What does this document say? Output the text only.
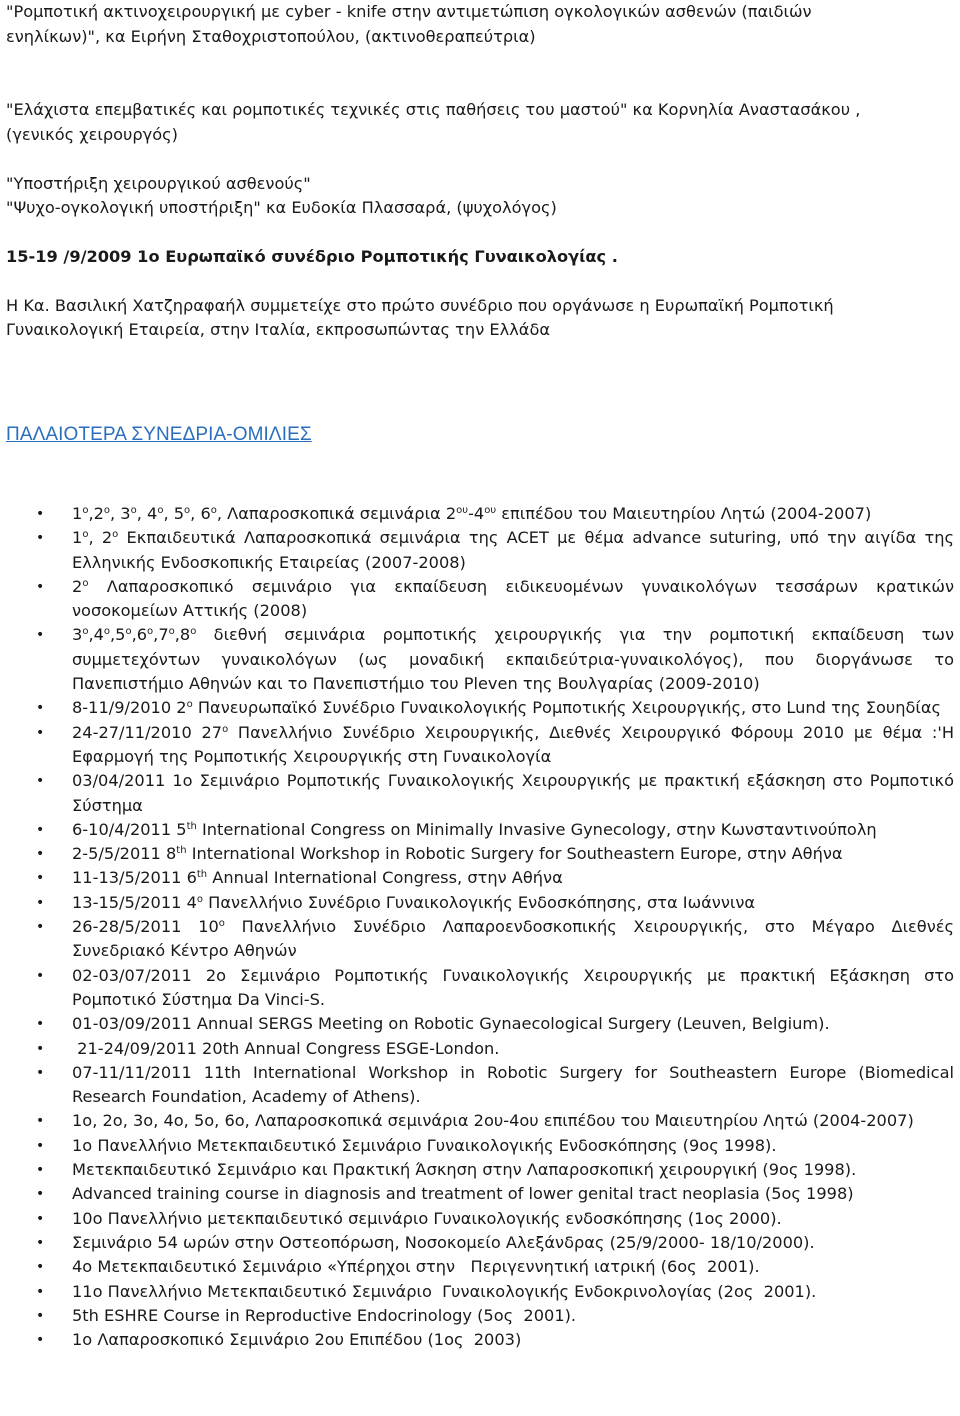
"Ρομποτική ακτινοχειρουργική με cyber - knife στην αντιμετώπιση ογκολογικών ασθενών (παιδιών

ενηλίκων)", κα Ειρήνη Σταθοχριστοπούλου, (ακτινοθεραπεύτρια)

"Ελάχιστα επεμβατικές και ρομποτικές τεχνικές στις παθήσεις του μαστού" κα Κορνηλία Αναστασάκου ,

(γενικός χειρουργός)

"Υποστήριξη χειρουργικού ασθενούς"

"Ψυχο-ογκολογική υποστήριξη" κα Ευδοκία Πλασσαρά, (ψυχολόγος)

15-19 /9/2009 1ο Ευρωπαϊκό συνέδριο Ρομποτικής Γυναικολογίας .

Η Κα. Βασιλική Χατζηραφαήλ συμμετείχε στο πρώτο συνέδριο που οργάνωσε η Ευρωπαϊκή Ρομποτική

Γυναικολογική Εταιρεία, στην Ιταλία, εκπροσωπώντας την Ελλάδα

ΠΑΛΑΙΟΤΕΡΑ ΣΥΝΕΔΡΙΑ-ΟΜΙΛΙΕΣ
• $1^o,2^o$, $3^o$, $4^o$, $5^o$, $6^o$, Λαπαροσκοπικά σεμινάρια $2^{o\upsilon}-4^{o\upsilon}$ επιπέδου του Μαιευτηρίου Λητώ (2004-2007)
• $1^o$, $2^o$ Εκπαιδευτικά Λαπαροσκοπικά σεμινάρια της ACET με θέμα advance suturing, υπό την αιγίδα της Ελληνικής Ενδοσκοπικής Εταιρείας (2007-2008)
• $2^o$ Λαπαροσκοπικό σεμινάριο για εκπαίδευση ειδικευομένων γυναικολόγων τεσσάρων κρατικών νοσοκομείων Αττικής (2008)
• $3^o,4^o,5^o,6^o,7^o,8^o$ διεθνή σεμινάρια ρομποτικής χειρουργικής για την ρομποτική εκπαίδευση των συμμετεχόντων γυναικολόγων (ως μοναδική εκπαιδεύτρια-γυναικολόγος), που διοργάνωσε το Πανεπιστήμιο Αθηνών και το Πανεπιστήμιο του Pleven της Βουλγαρίας (2009-2010)
• 8-11/9/2010 $2^o$ Πανευρωπαϊκό Συνέδριο Γυναικολογικής Ρομποτικής Χειρουργικής, στο Lund της Σουηδίας
• 24-27/11/2010 $27^o$ Πανελλήνιο Συνέδριο Χειρουργικής, Διεθνές Χειρουργικό Φόρουμ 2010 με θέμα :'Η Εφαρμογή της Ρομποτικής Χειρουργικής στη Γυναικολογία
• 03/04/2011 1ο Σεμινάριο Ρομποτικής Γυναικολογικής Χειρουργικής με πρακτική εξάσκηση στο Ρομποτικό Σύστημα
• 6-10/4/2011 5th International Congress on Minimally Invasive Gynecology, στην Κωνσταντινούπολη
• 2-5/5/2011 8th International Workshop in Robotic Surgery for Southeastern Europe, στην Αθήνα
• 11-13/5/2011 6th Annual International Congress, στην Αθήνα
• 13-15/5/2011 $4^o$ Πανελλήνιο Συνέδριο Γυναικολογικής Ενδοσκόπησης, στα Ιωάννινα
• 26-28/5/2011 $10^o$ Πανελλήνιο Συνέδριο Λαπαροενδοσκοπικής Χειρουργικής, στο Μέγαρο Διεθνές Συνεδριακό Κέντρο Αθηνών
• 02-03/07/2011 2ο Σεμινάριο Ρομποτικής Γυναικολογικής Χειρουργικής με πρακτική Εξάσκηση στο Ρομποτικό Σύστημα Da Vinci-S.
• 01-03/09/2011 Annual SERGS Meeting on Robotic Gynaecological Surgery (Leuven, Belgium).
• 21-24/09/2011 20th Annual Congress ESGE-London.
• 07-11/11/2011 11th International Workshop in Robotic Surgery for Southeastern Europe (Biomedical Research Foundation, Academy of Athens).
• 1ο, 2ο, 3ο, 4ο, 5ο, 6ο, Λαπαροσκοπικά σεμινάρια 2ου-4ου επιπέδου του Μαιευτηρίου Λητώ (2004-2007)
• 1ο Πανελλήνιο Μετεκπαιδευτικό Σεμινάριο Γυναικολογικής Ενδοσκόπησης (9ος 1998).
• Μετεκπαιδευτικό Σεμινάριο και Πρακτική Άσκηση στην Λαπαροσκοπική χειρουργική (9ος 1998).
• Advanced training course in diagnosis and treatment of lower genital tract neoplasia (5ος 1998)
• 10ο Πανελλήνιο μετεκπαιδευτικό σεμινάριο Γυναικολογικής ενδοσκόπησης (1ος 2000).
• Σεμινάριο 54 ωρών στην Οστεοπόρωση, Νοσοκομείο Αλεξάνδρας (25/9/2000- 18/10/2000).
• 4ο Μετεκπαιδευτικό Σεμινάριο «Υπέρηχοι στην   Περιγεννητική ιατρική (6ος  2001).
• 11ο Πανελλήνιο Μετεκπαιδευτικό Σεμινάριο  Γυναικολογικής Ενδοκρινολογίας (2ος  2001).
• 5th ESHRE Course in Reproductive Endocrinology (5ος  2001).
• 1ο Λαπαροσκοπικό Σεμινάριο 2ου Επιπέδου (1ος  2003)
